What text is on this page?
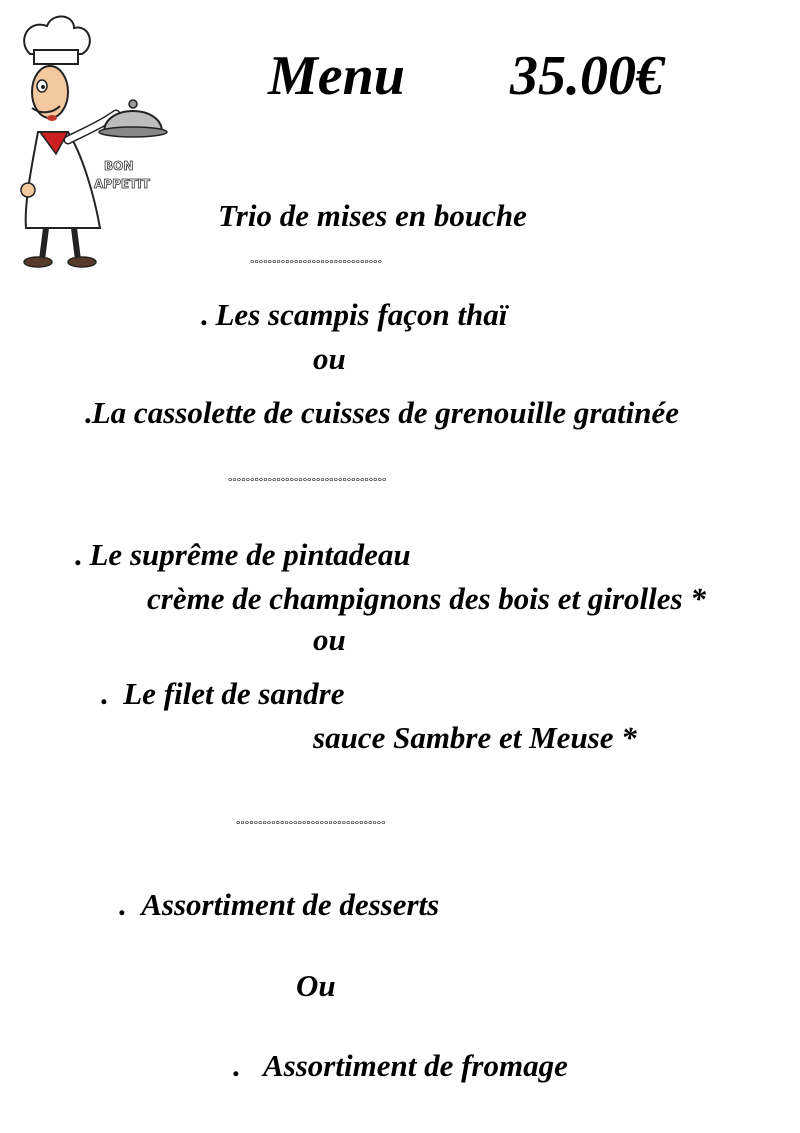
BON
APPETIT
Menu 35.00€
Trio de mises en bouche
°°°°°°°°°°°°°°°°°°°°°°°°°°°°°°
. Les scampis façon thaï
ou
.La cassolette de cuisses de grenouille gratinée
°°°°°°°°°°°°°°°°°°°°°°°°°°°°°°°°°°°°
. Le suprême de pintadeau
crème de champignons des bois et girolles *
ou
. Le filet de sandre
sauce Sambre et Meuse *
°°°°°°°°°°°°°°°°°°°°°°°°°°°°°°°°°°
. Assortiment de desserts
Ou
. Assortiment de fromage
